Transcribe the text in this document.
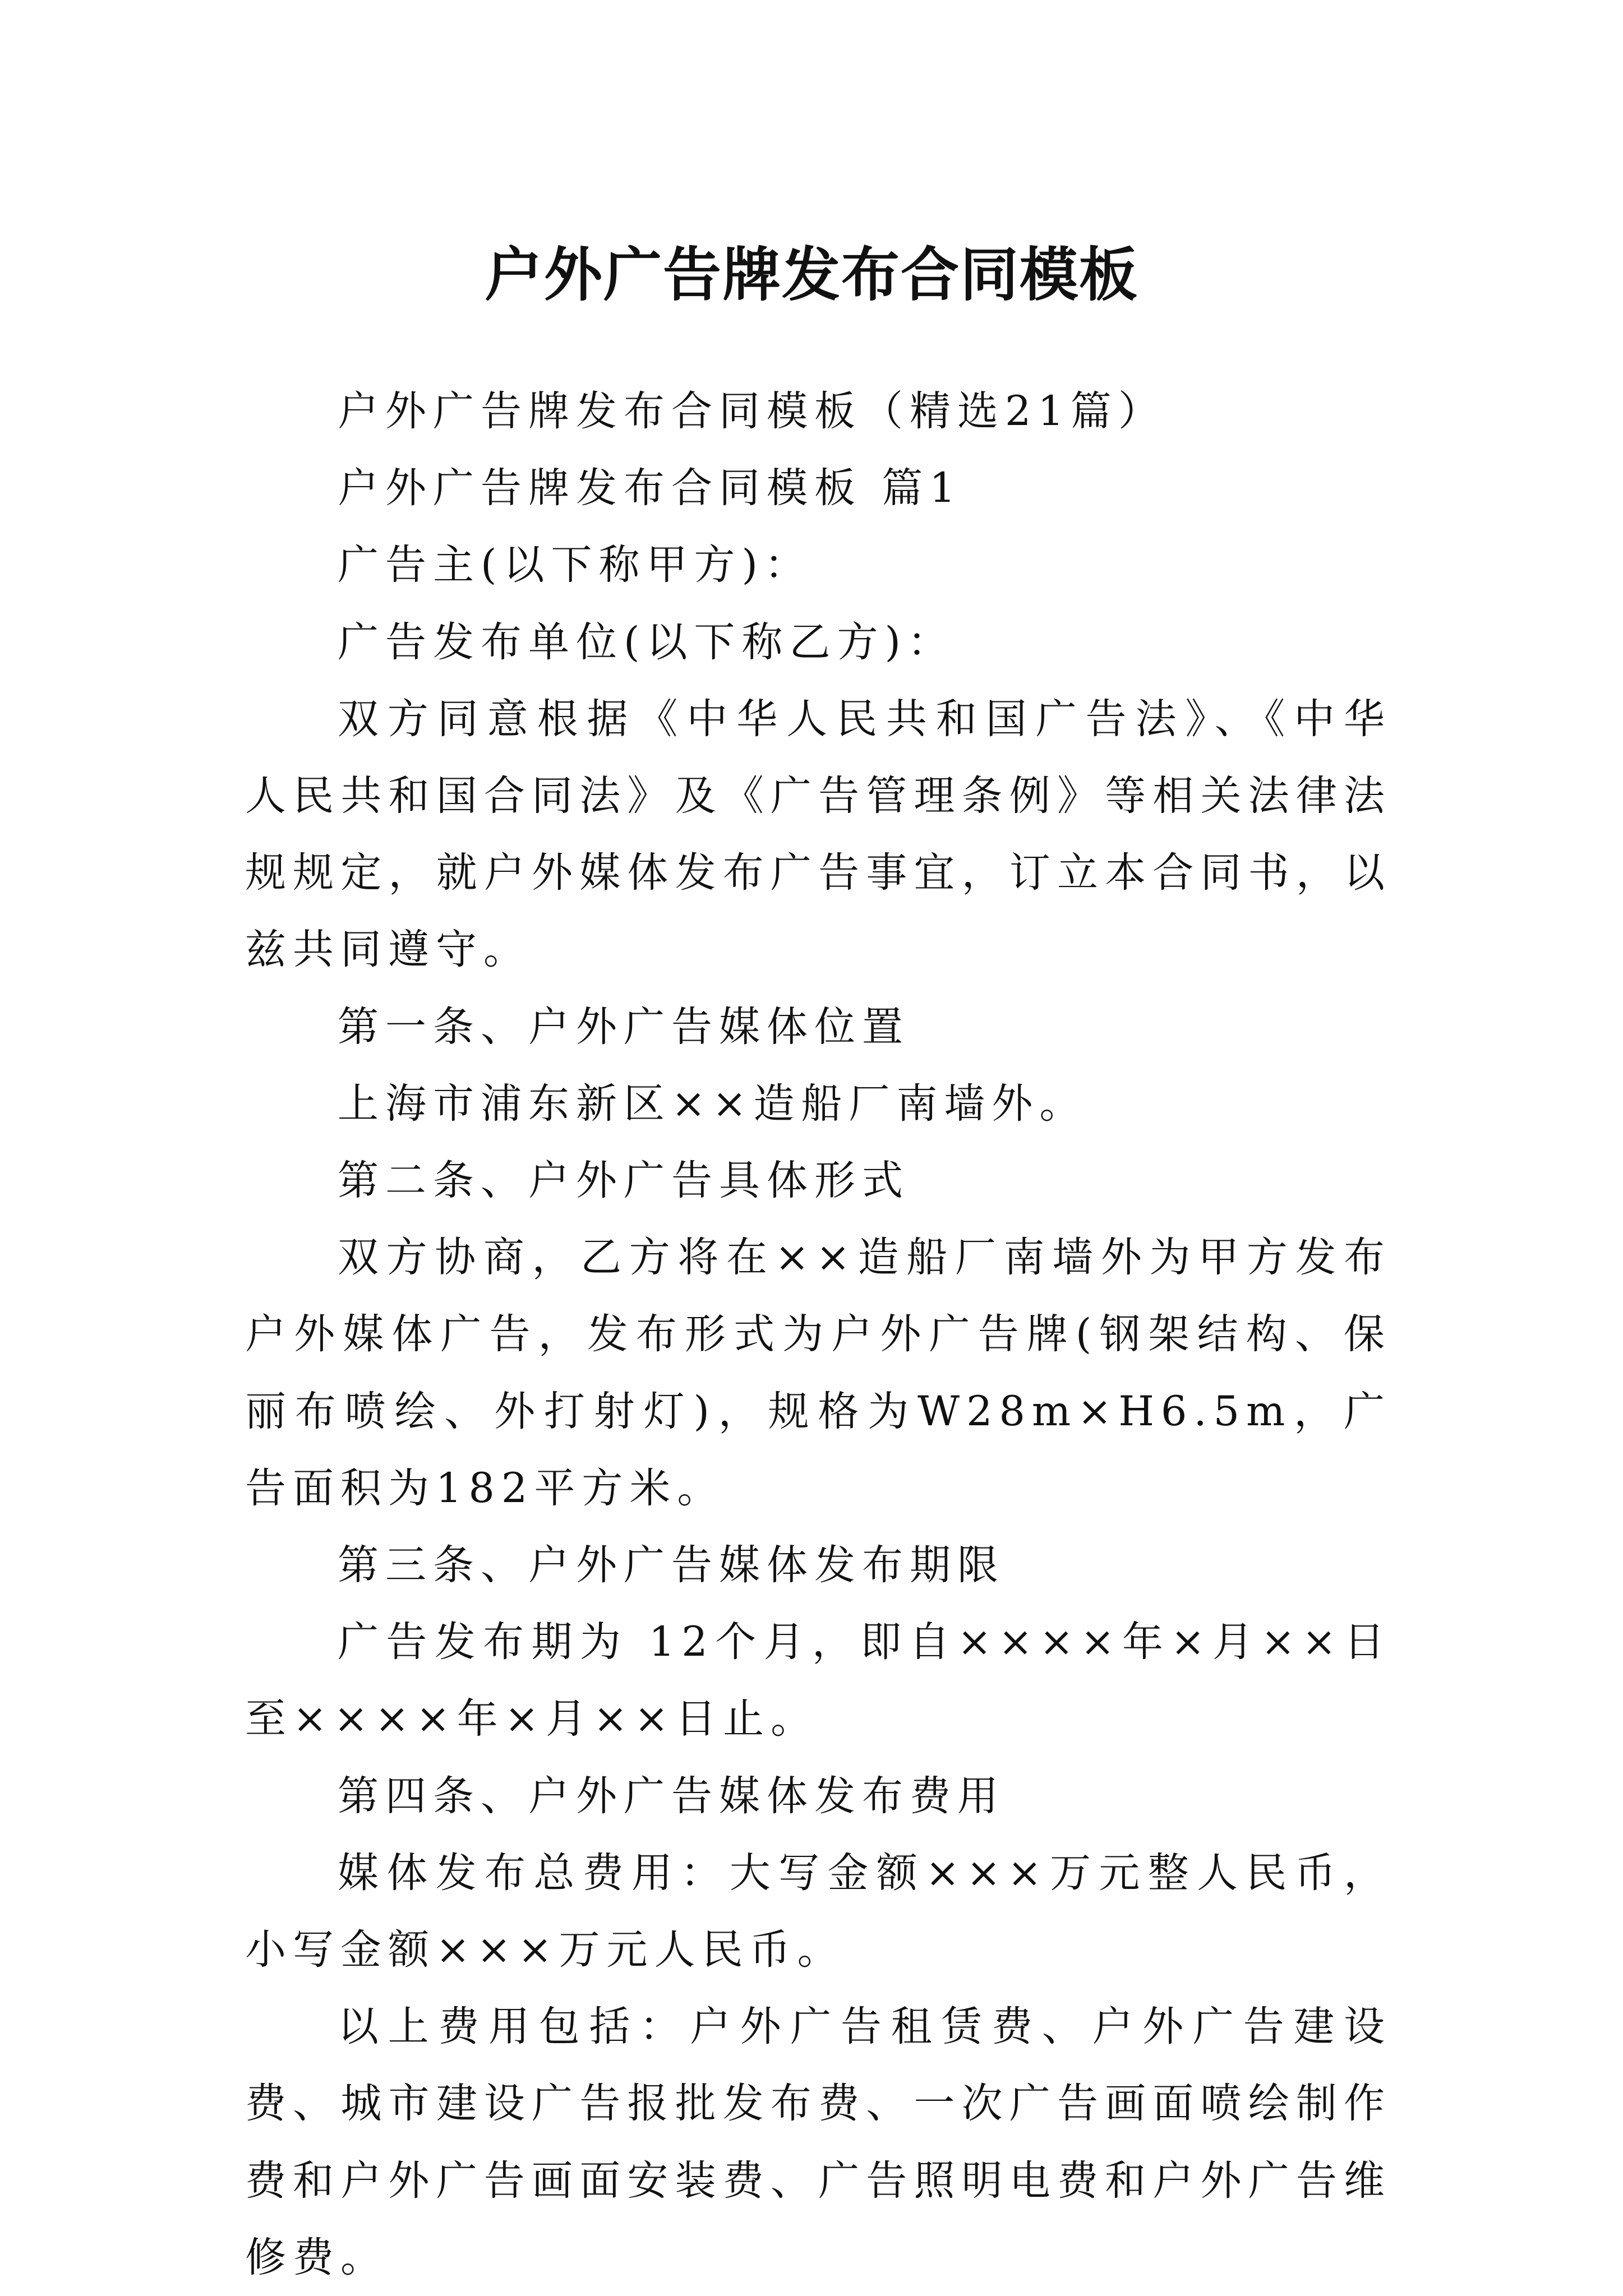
户外广告牌发布合同模板

户外广告牌发布合同模板（精选21篇）

户外广告牌发布合同模板 篇1

广告主(以下称甲方)：

广告发布单位(以下称乙方)：

双方同意根据《中华人民共和国广告法》、《中华人民共和国合同法》及《广告管理条例》等相关法律法规规定，就户外媒体发布广告事宜，订立本合同书，以兹共同遵守。

第一条、户外广告媒体位置

上海市浦东新区××造船厂南墙外。

第二条、户外广告具体形式

双方协商，乙方将在××造船厂南墙外为甲方发布户外媒体广告，发布形式为户外广告牌(钢架结构、保丽布喷绘、外打射灯)，规格为W28m×H6.5m，广告面积为182平方米。

第三条、户外广告媒体发布期限

广告发布期为 12个月，即自××××年×月××日至××××年×月××日止。

第四条、户外广告媒体发布费用

媒体发布总费用：大写金额×××万元整人民币，小写金额×××万元人民币。

以上费用包括：户外广告租赁费、户外广告建设费、城市建设广告报批发布费、一次广告画面喷绘制作费和户外广告画面安装费、广告照明电费和户外广告维修费。
